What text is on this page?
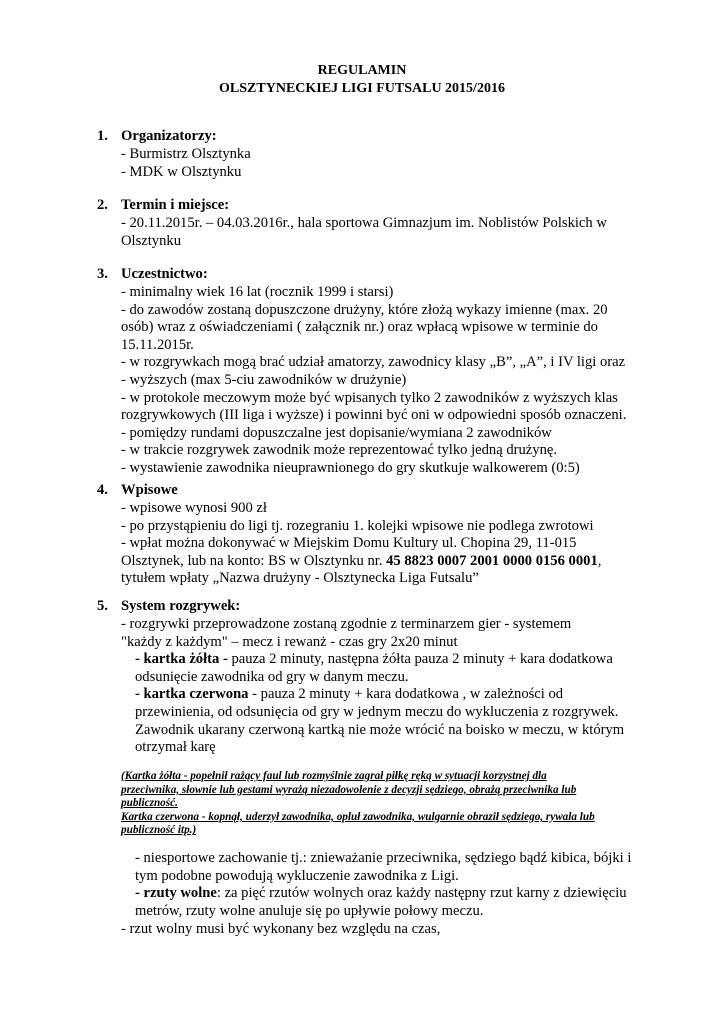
REGULAMIN
OLSZTYNECKIEJ LIGI FUTSALU 2015/2016
1. Organizatorzy:
- Burmistrz Olsztynka
- MDK w Olsztynku
2. Termin i miejsce:
- 20.11.2015r. – 04.03.2016r., hala sportowa Gimnazjum im. Noblistów Polskich w
Olsztynku
3. Uczestnictwo:
- minimalny wiek 16 lat (rocznik 1999 i starsi)
- do zawodów zostaną dopuszczone drużyny, które złożą wykazy imienne (max. 20
osób) wraz z oświadczeniami ( załącznik nr.) oraz wpłacą wpisowe w terminie do
15.11.2015r.
- w rozgrywkach mogą brać udział amatorzy, zawodnicy klasy „B”, „A”, i IV ligi oraz
- wyższych (max 5-ciu zawodników w drużynie)
- w protokole meczowym może być wpisanych tylko 2 zawodników z wyższych klas
rozgrywkowych (III liga i wyższe) i powinni być oni w odpowiedni sposób oznaczeni.
- pomiędzy rundami dopuszczalne jest dopisanie/wymiana 2 zawodników
- w trakcie rozgrywek zawodnik może reprezentować tylko jedną drużynę.
- wystawienie zawodnika nieuprawnionego do gry skutkuje walkowerem (0:5)
4. Wpisowe
- wpisowe wynosi 900 zł
- po przystąpieniu do ligi tj. rozegraniu 1. kolejki wpisowe nie podlega zwrotowi
- wpłat można dokonywać w Miejskim Domu Kultury ul. Chopina 29, 11-015
Olsztynek, lub na konto: BS w Olsztynku nr. 45 8823 0007 2001 0000 0156 0001,
tytułem wpłaty „Nazwa drużyny - Olsztynecka Liga Futsalu”
5. System rozgrywek:
- rozgrywki przeprowadzone zostaną zgodnie z terminarzem gier - systemem
"każdy z każdym" – mecz i rewanż - czas gry 2x20 minut
- kartka żółta - pauza 2 minuty, następna żółta pauza 2 minuty + kara dodatkowa
odsunięcie zawodnika od gry w danym meczu.
- kartka czerwona - pauza 2 minuty + kara dodatkowa , w zależności od
przewinienia, od odsunięcia od gry w jednym meczu do wykluczenia z rozgrywek.
Zawodnik ukarany czerwoną kartką nie może wrócić na boisko w meczu, w którym
otrzymał karę
(Kartka żółta - popełnił rażący faul lub rozmyślnie zagrał piłkę ręką w sytuacji korzystnej dla
przeciwnika, słownie lub gestami wyrażą niezadowolenie z decyzji sędziego, obrażą przeciwnika lub
publiczność.
Kartka czerwona - kopnął, uderzył zawodnika, opluł zawodnika, wulgarnie obraził sędziego, rywala lub
publiczność itp.)
- niesportowe zachowanie tj.: znieważanie przeciwnika, sędziego bądź kibica, bójki i
tym podobne powodują wykluczenie zawodnika z Ligi.
- rzuty wolne: za pięć rzutów wolnych oraz każdy następny rzut karny z dziewięciu
metrów, rzuty wolne anuluje się po upływie połowy meczu.
- rzut wolny musi być wykonany bez względu na czas,
